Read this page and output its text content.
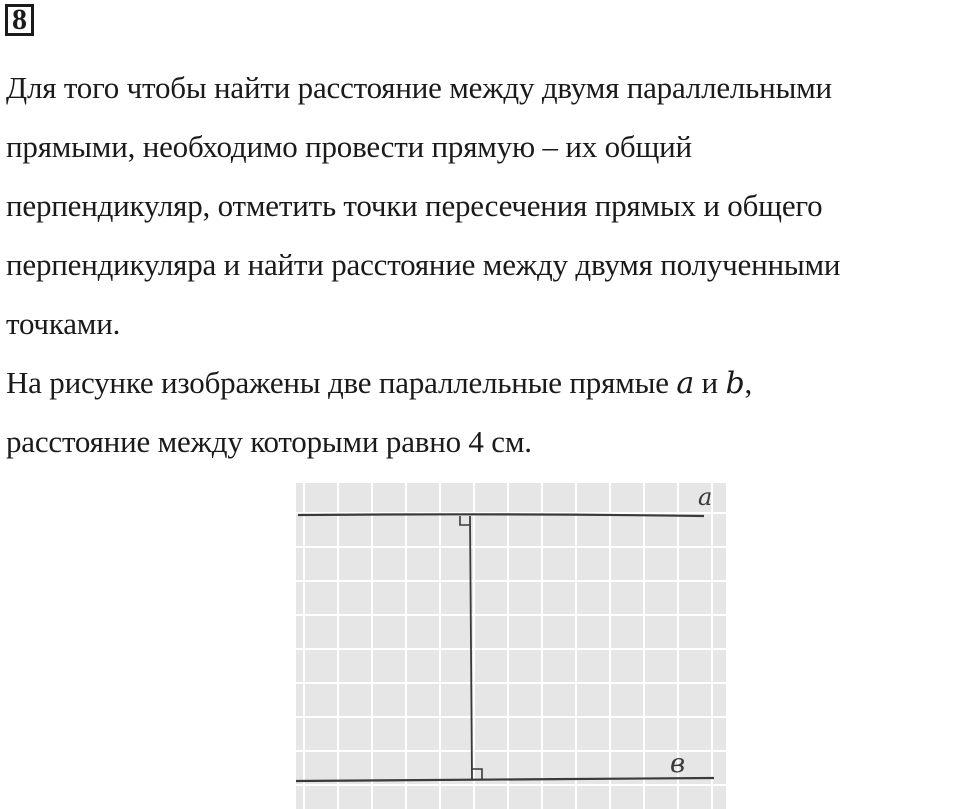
8
Для того чтобы найти расстояние между двумя параллельными
прямыми, необходимо провести прямую – их общий
перпендикуляр, отметить точки пересечения прямых и общего
перпендикуляра и найти расстояние между двумя полученными
точками.
На рисунке изображены две параллельные прямые a и b,
расстояние между которыми равно 4 см.
a
в
